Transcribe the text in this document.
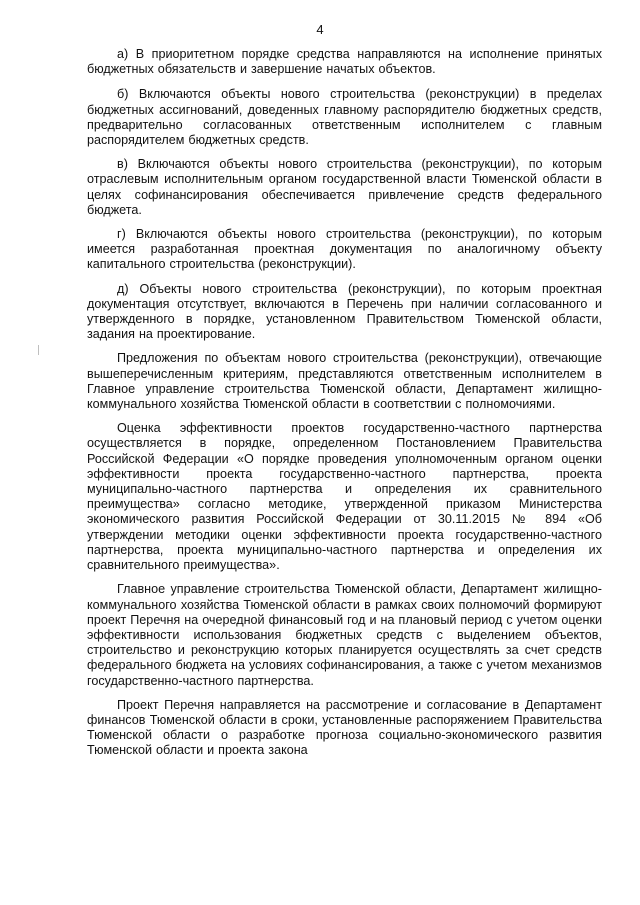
4

а) В приоритетном порядке средства направляются на исполнение принятых бюджетных обязательств и завершение начатых объектов.

б) Включаются объекты нового строительства (реконструкции) в пределах бюджетных ассигнований, доведенных главному распорядителю бюджетных средств, предварительно согласованных ответственным исполнителем с главным распорядителем бюджетных средств.

в) Включаются объекты нового строительства (реконструкции), по которым отраслевым исполнительным органом государственной власти Тюменской области в целях софинансирования обеспечивается привлечение средств федерального бюджета.

г) Включаются объекты нового строительства (реконструкции), по которым имеется разработанная проектная документация по аналогичному объекту капитального строительства (реконструкции).

д) Объекты нового строительства (реконструкции), по которым проектная документация отсутствует, включаются в Перечень при наличии согласованного и утвержденного в порядке, установленном Правительством Тюменской области, задания на проектирование.

Предложения по объектам нового строительства (реконструкции), отвечающие вышеперечисленным критериям, представляются ответственным исполнителем в Главное управление строительства Тюменской области, Департамент жилищно-коммунального хозяйства Тюменской области в соответствии с полномочиями.

Оценка эффективности проектов государственно-частного партнерства осуществляется в порядке, определенном Постановлением Правительства Российской Федерации «О порядке проведения уполномоченным органом оценки эффективности проекта государственно-частного партнерства, проекта муниципально-частного партнерства и определения их сравнительного преимущества» согласно методике, утвержденной приказом Министерства экономического развития Российской Федерации от 30.11.2015 № 894 «Об утверждении методики оценки эффективности проекта государственно-частного партнерства, проекта муниципально-частного партнерства и определения их сравнительного преимущества».

Главное управление строительства Тюменской области, Департамент жилищно-коммунального хозяйства Тюменской области в рамках своих полномочий формируют проект Перечня на очередной финансовый год и на плановый период с учетом оценки эффективности использования бюджетных средств с выделением объектов, строительство и реконструкцию которых планируется осуществлять за счет средств федерального бюджета на условиях софинансирования, а также с учетом механизмов государственно-частного партнерства.

Проект Перечня направляется на рассмотрение и согласование в Департамент финансов Тюменской области в сроки, установленные распоряжением Правительства Тюменской области о разработке прогноза социально-экономического развития Тюменской области и проекта закона
